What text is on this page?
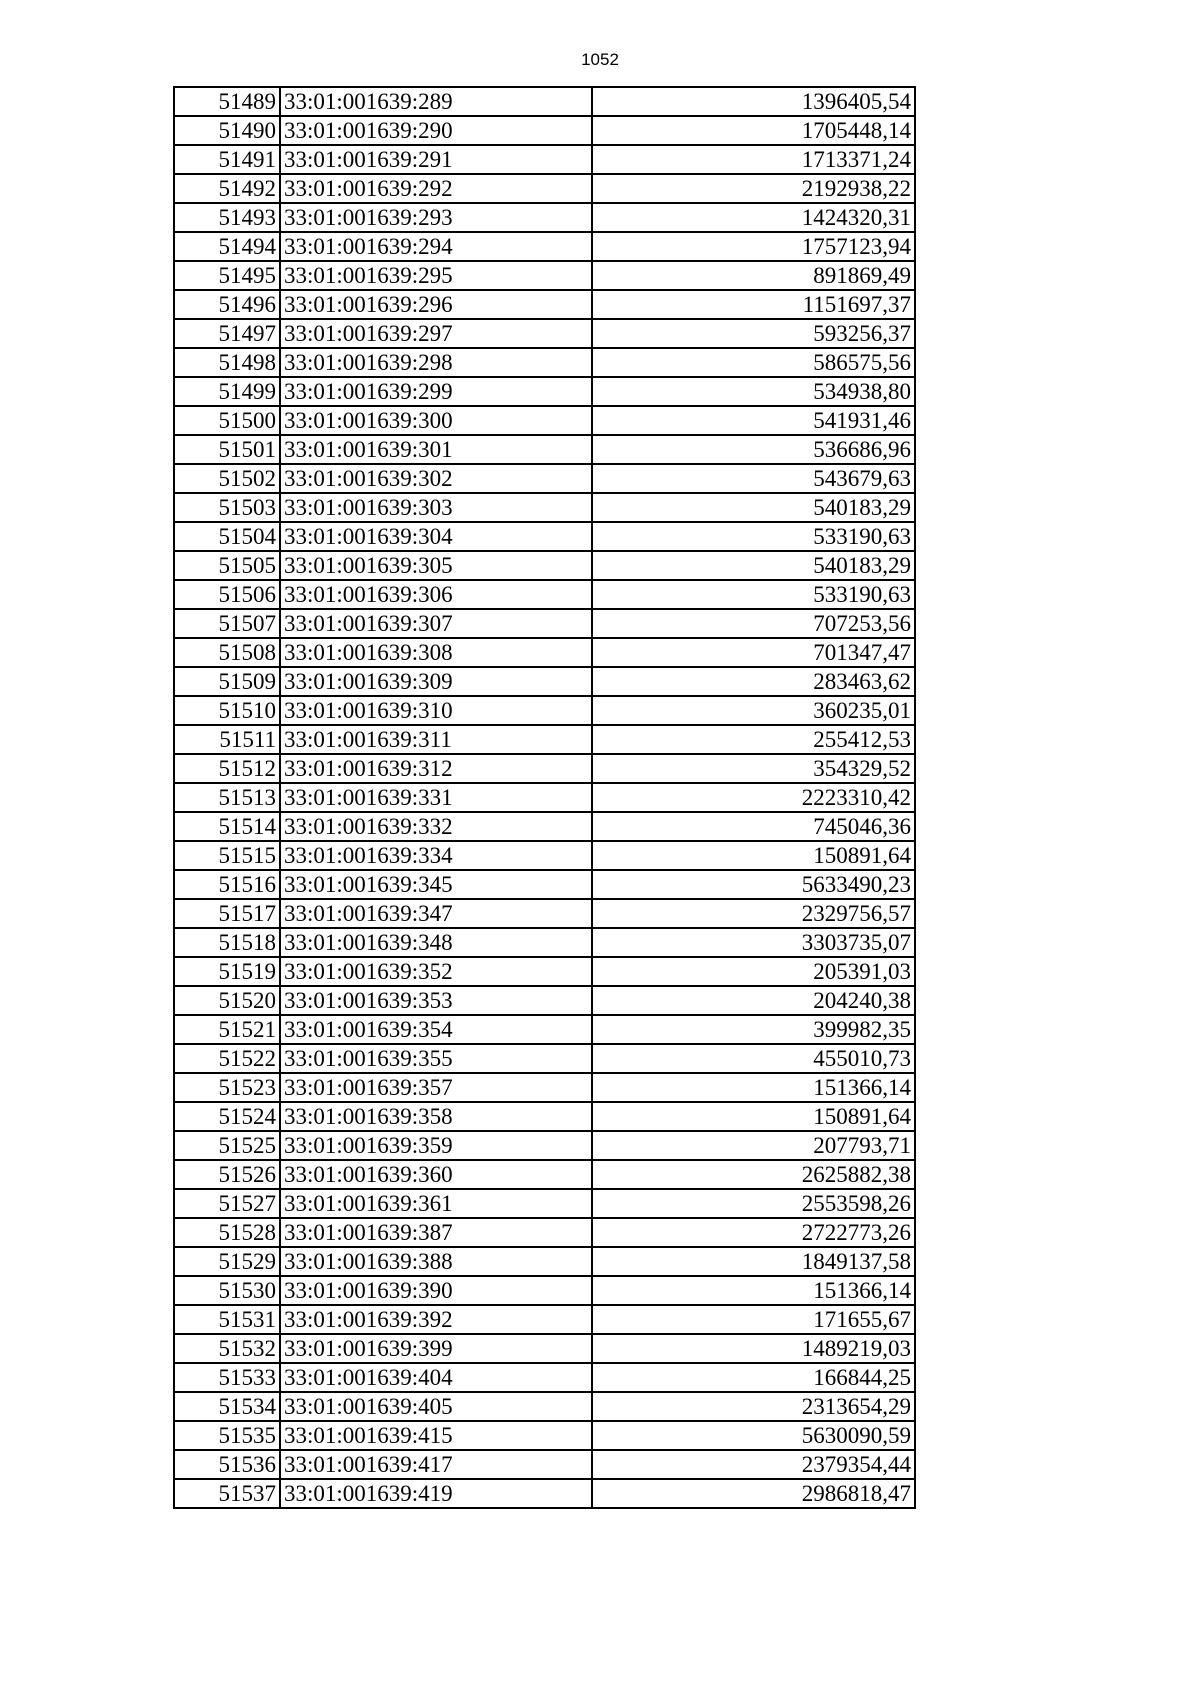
1052
51489	33:01:001639:289	1396405,54
51490	33:01:001639:290	1705448,14
51491	33:01:001639:291	1713371,24
51492	33:01:001639:292	2192938,22
51493	33:01:001639:293	1424320,31
51494	33:01:001639:294	1757123,94
51495	33:01:001639:295	891869,49
51496	33:01:001639:296	1151697,37
51497	33:01:001639:297	593256,37
51498	33:01:001639:298	586575,56
51499	33:01:001639:299	534938,80
51500	33:01:001639:300	541931,46
51501	33:01:001639:301	536686,96
51502	33:01:001639:302	543679,63
51503	33:01:001639:303	540183,29
51504	33:01:001639:304	533190,63
51505	33:01:001639:305	540183,29
51506	33:01:001639:306	533190,63
51507	33:01:001639:307	707253,56
51508	33:01:001639:308	701347,47
51509	33:01:001639:309	283463,62
51510	33:01:001639:310	360235,01
51511	33:01:001639:311	255412,53
51512	33:01:001639:312	354329,52
51513	33:01:001639:331	2223310,42
51514	33:01:001639:332	745046,36
51515	33:01:001639:334	150891,64
51516	33:01:001639:345	5633490,23
51517	33:01:001639:347	2329756,57
51518	33:01:001639:348	3303735,07
51519	33:01:001639:352	205391,03
51520	33:01:001639:353	204240,38
51521	33:01:001639:354	399982,35
51522	33:01:001639:355	455010,73
51523	33:01:001639:357	151366,14
51524	33:01:001639:358	150891,64
51525	33:01:001639:359	207793,71
51526	33:01:001639:360	2625882,38
51527	33:01:001639:361	2553598,26
51528	33:01:001639:387	2722773,26
51529	33:01:001639:388	1849137,58
51530	33:01:001639:390	151366,14
51531	33:01:001639:392	171655,67
51532	33:01:001639:399	1489219,03
51533	33:01:001639:404	166844,25
51534	33:01:001639:405	2313654,29
51535	33:01:001639:415	5630090,59
51536	33:01:001639:417	2379354,44
51537	33:01:001639:419	2986818,47
